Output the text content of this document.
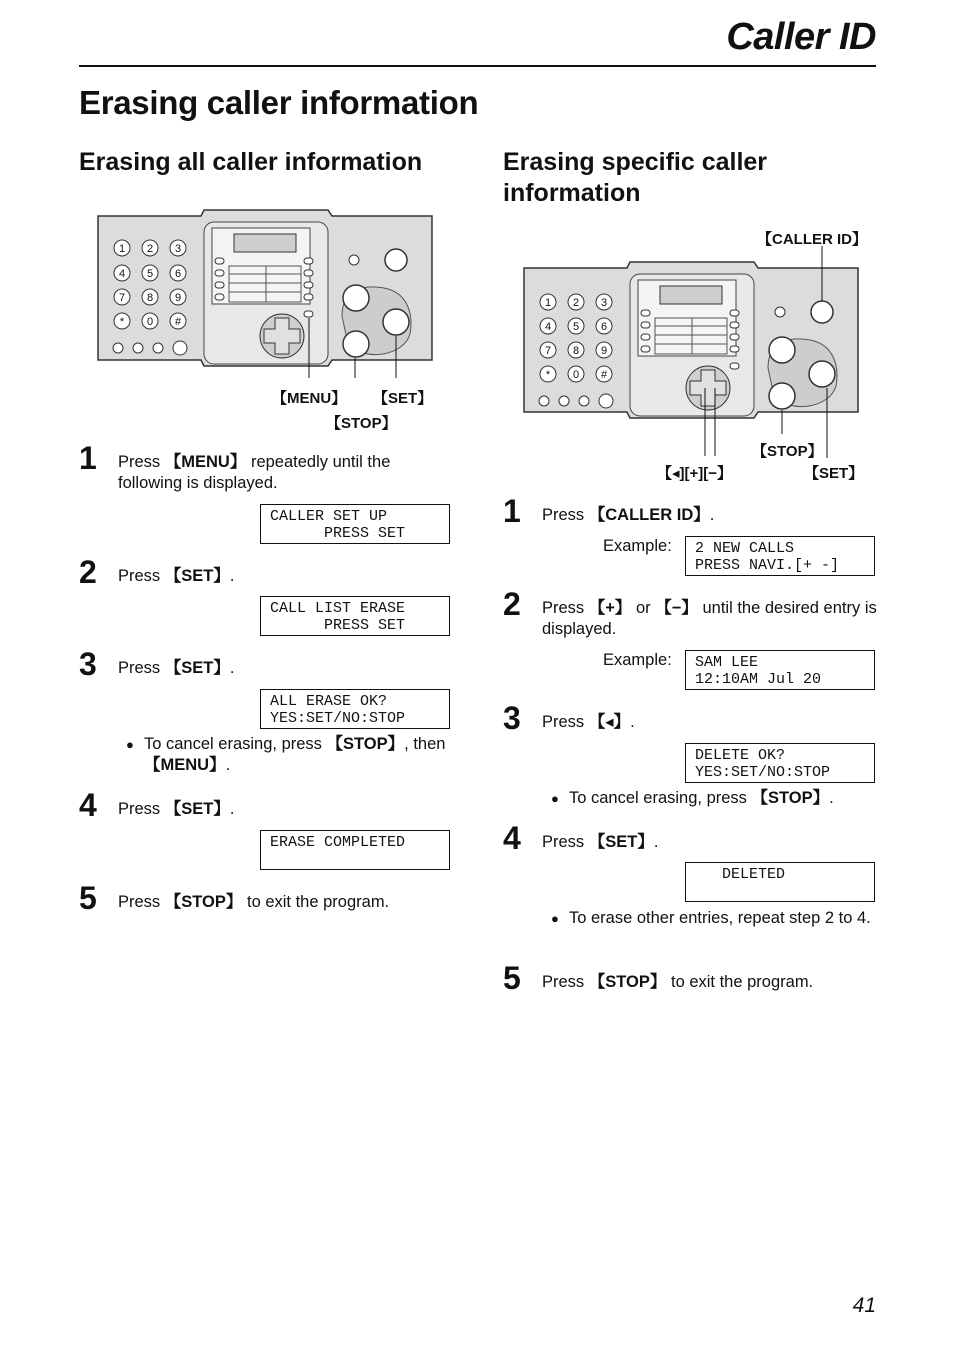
Caller ID
Erasing caller information
Erasing all caller information
1 2 3
4 5 6
7 8 9
* 0 #
【MENU】 【SET】
【STOP】
1 Press 【MENU】 repeatedly until the following is displayed.
CALLER SET UP
PRESS SET
2 Press 【SET】.
CALL LIST ERASE
PRESS SET
3 Press 【SET】.
ALL ERASE OK?
YES:SET/NO:STOP
● To cancel erasing, press 【STOP】, then 【MENU】.
4 Press 【SET】.
ERASE COMPLETED
5 Press 【STOP】 to exit the program.
Erasing specific caller information
【CALLER ID】
1 2 3
4 5 6
7 8 9
* 0 #
【STOP】
【◂][+][−】	【SET】
1 Press 【CALLER ID】.
Example:	2 NEW CALLS
PRESS NAVI.[+ -]
2 Press 【+】 or 【−】 until the desired entry is displayed.
Example:	SAM LEE
12:10AM Jul 20
3 Press 【◂】.
DELETE OK?
YES:SET/NO:STOP
● To cancel erasing, press 【STOP】.
4 Press 【SET】.
DELETED
● To erase other entries, repeat step 2 to 4.
5 Press 【STOP】 to exit the program.
41
